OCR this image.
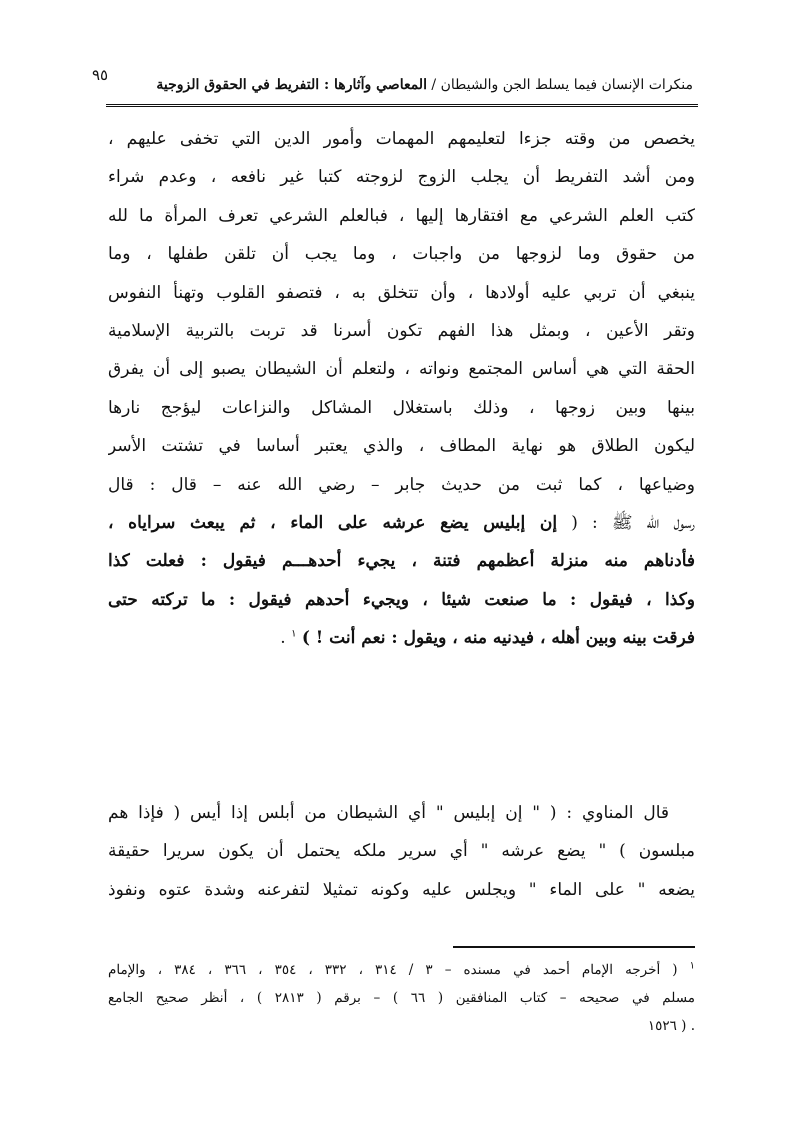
٩٥
منكرات الإنسان فيما يسلط الجن والشيطان / المعاصي وآثارها : التفريط في الحقوق الزوجية
يخصص من وقته جزءا لتعليمهم المهمات وأمور الدين التي تخفى عليهم ،
ومن أشد التفريط أن يجلب الزوج لزوجته كتبا غير نافعه ، وعدم شراء
كتب العلم الشرعي مع افتقارها إليها ، فبالعلم الشرعي تعرف المرأة ما لله
من حقوق وما لزوجها من واجبات ، وما يجب أن تلقن طفلها ، وما
ينبغي أن تربي عليه أولادها ، وأن تتخلق به ، فتصفو القلوب وتهنأ النفوس
وتقر الأعين ، وبمثل هذا الفهم تكون أسرنا قد تربت بالتربية الإسلامية
الحقة التي هي أساس المجتمع ونواته ، ولتعلم أن الشيطان يصبو إلى أن يفرق
بينها وبين زوجها ، وذلك باستغلال المشاكل والنزاعات ليؤجج نارها
ليكون الطلاق هو نهاية المطاف ، والذي يعتبر أساسا في تشتت الأسر
وضياعها ، كما ثبت من حديث جابر – رضي الله عنه – قال : قال
رسول الله ﷺ : ( إن إبليس يضع عرشه على الماء ، ثم يبعث سراياه ،
فأدناهم منه منزلة أعظمهم فتنة ، يجيء أحدهـــم فيقول : فعلت كذا
وكذا ، فيقول : ما صنعت شيئا ، ويجيء أحدهم فيقول : ما تركته حتى
فرقت بينه وبين أهله ، فيدنيه منه ، ويقول : نعم أنت ! ) $^١$ .
قال المناوي : ( " إن إبليس " أي الشيطان من أبلس إذا أيس ( فإذا هم
مبلسون ) " يضع عرشه " أي سرير ملكه يحتمل أن يكون سريرا حقيقة
يضعه " على الماء " ويجلس عليه وكونه تمثيلا لتفرعنه وشدة عتوه ونفوذ
$^١$ ( أخرجه الإمام أحمد في مسنده – ٣ / ٣١٤ ، ٣٣٢ ، ٣٥٤ ، ٣٦٦ ، ٣٨٤ ، والإمام
مسلم في صحيحه – كتاب المنافقين ( ٦٦ ) – برقم ( ٢٨١٣ ) ، أنظر صحيح الجامع
. ( ١٥٢٦
